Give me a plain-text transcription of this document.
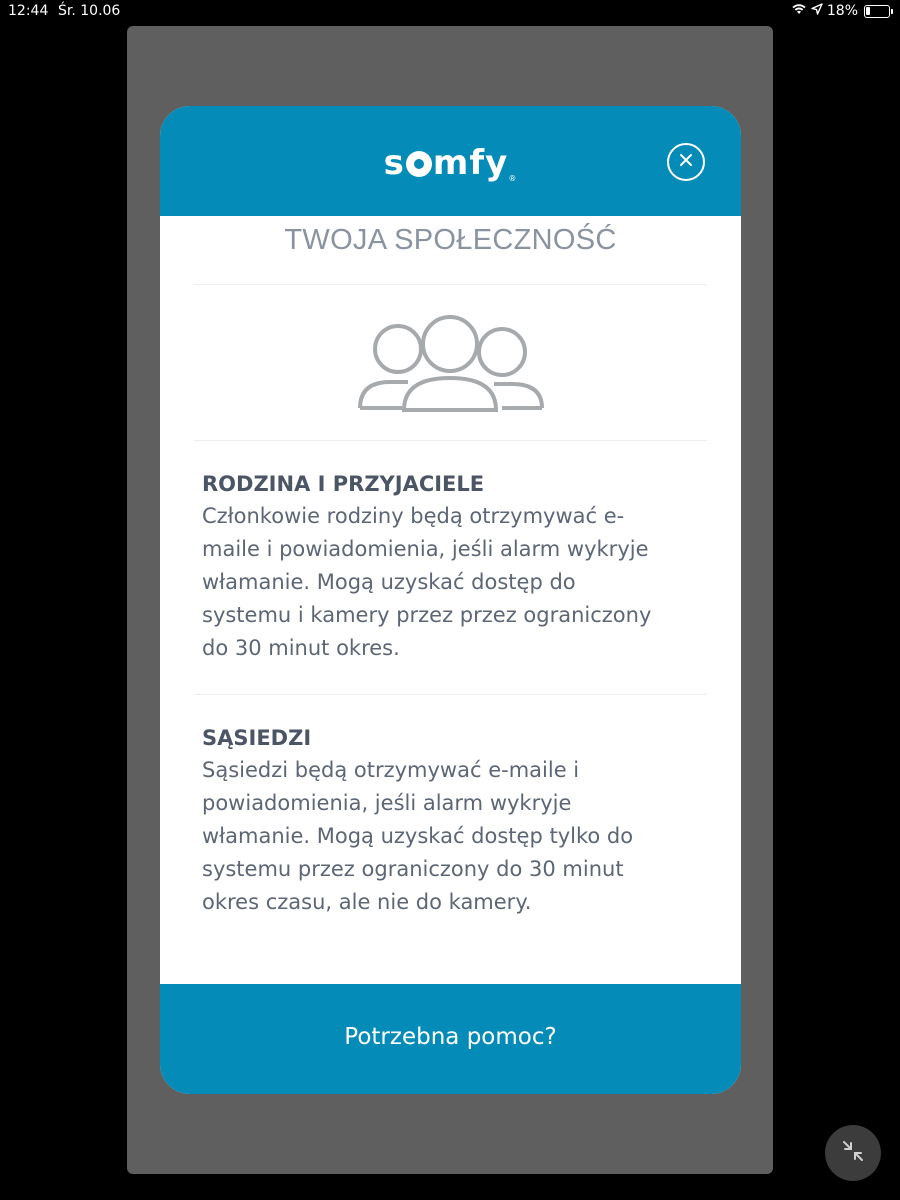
12:44 Śr. 10.06	18%
s mfy®
TWOJA SPOŁECZNOŚĆ
RODZINA I PRZYJACIELE

Członkowie rodziny będą otrzymywać e-
maile i powiadomienia, jeśli alarm wykryje
włamanie. Mogą uzyskać dostęp do
systemu i kamery przez przez ograniczony
do 30 minut okres.

SĄSIEDZI

Sąsiedzi będą otrzymywać e-maile i
powiadomienia, jeśli alarm wykryje
włamanie. Mogą uzyskać dostęp tylko do
systemu przez ograniczony do 30 minut
okres czasu, ale nie do kamery.

Potrzebna pomoc?
